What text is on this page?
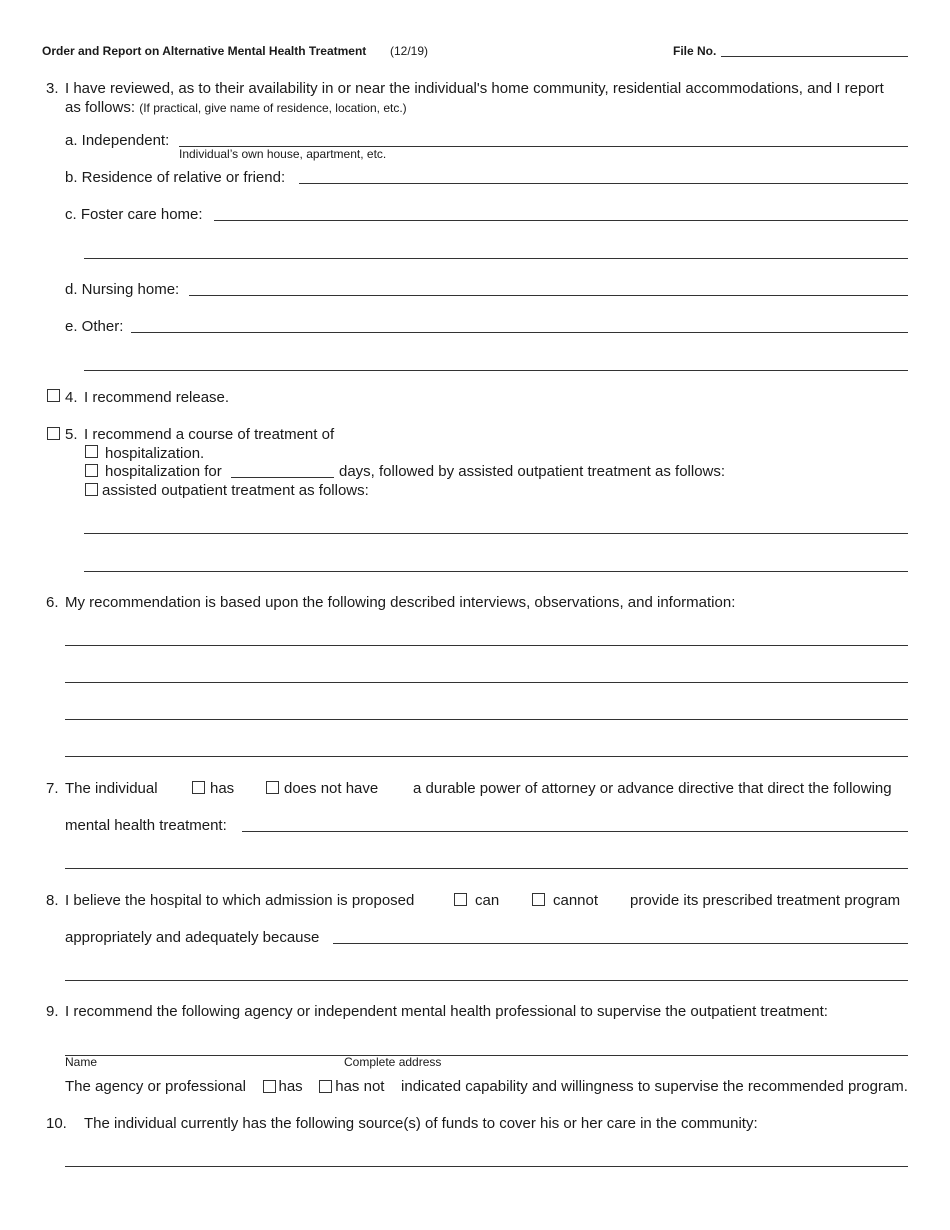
Order and Report on Alternative Mental Health Treatment (12/19)	File No.
3. I have reviewed, as to their availability in or near the individual's home community, residential accommodations, and I report
as follows: (If practical, give name of residence, location, etc.)
a. Independent:
Individual’s own house, apartment, etc.
b. Residence of relative or friend:
c. Foster care home:
d. Nursing home:
e. Other:
4. I recommend release.
5. I recommend a course of treatment of
hospitalization.
hospitalization for	days, followed by assisted outpatient treatment as follows:
assisted outpatient treatment as follows:
6. My recommendation is based upon the following described interviews, observations, and information:
7. The individual	has	does not have a durable power of attorney or advance directive that direct the following
mental health treatment:
8. I believe the hospital to which admission is proposed	can	cannot provide its prescribed treatment program
appropriately and adequately because
9. I recommend the following agency or independent mental health professional to supervise the outpatient treatment:
Name	Complete address
The agency or professional has has not indicated capability and willingness to supervise the recommended program.
10. The individual currently has the following source(s) of funds to cover his or her care in the community:
